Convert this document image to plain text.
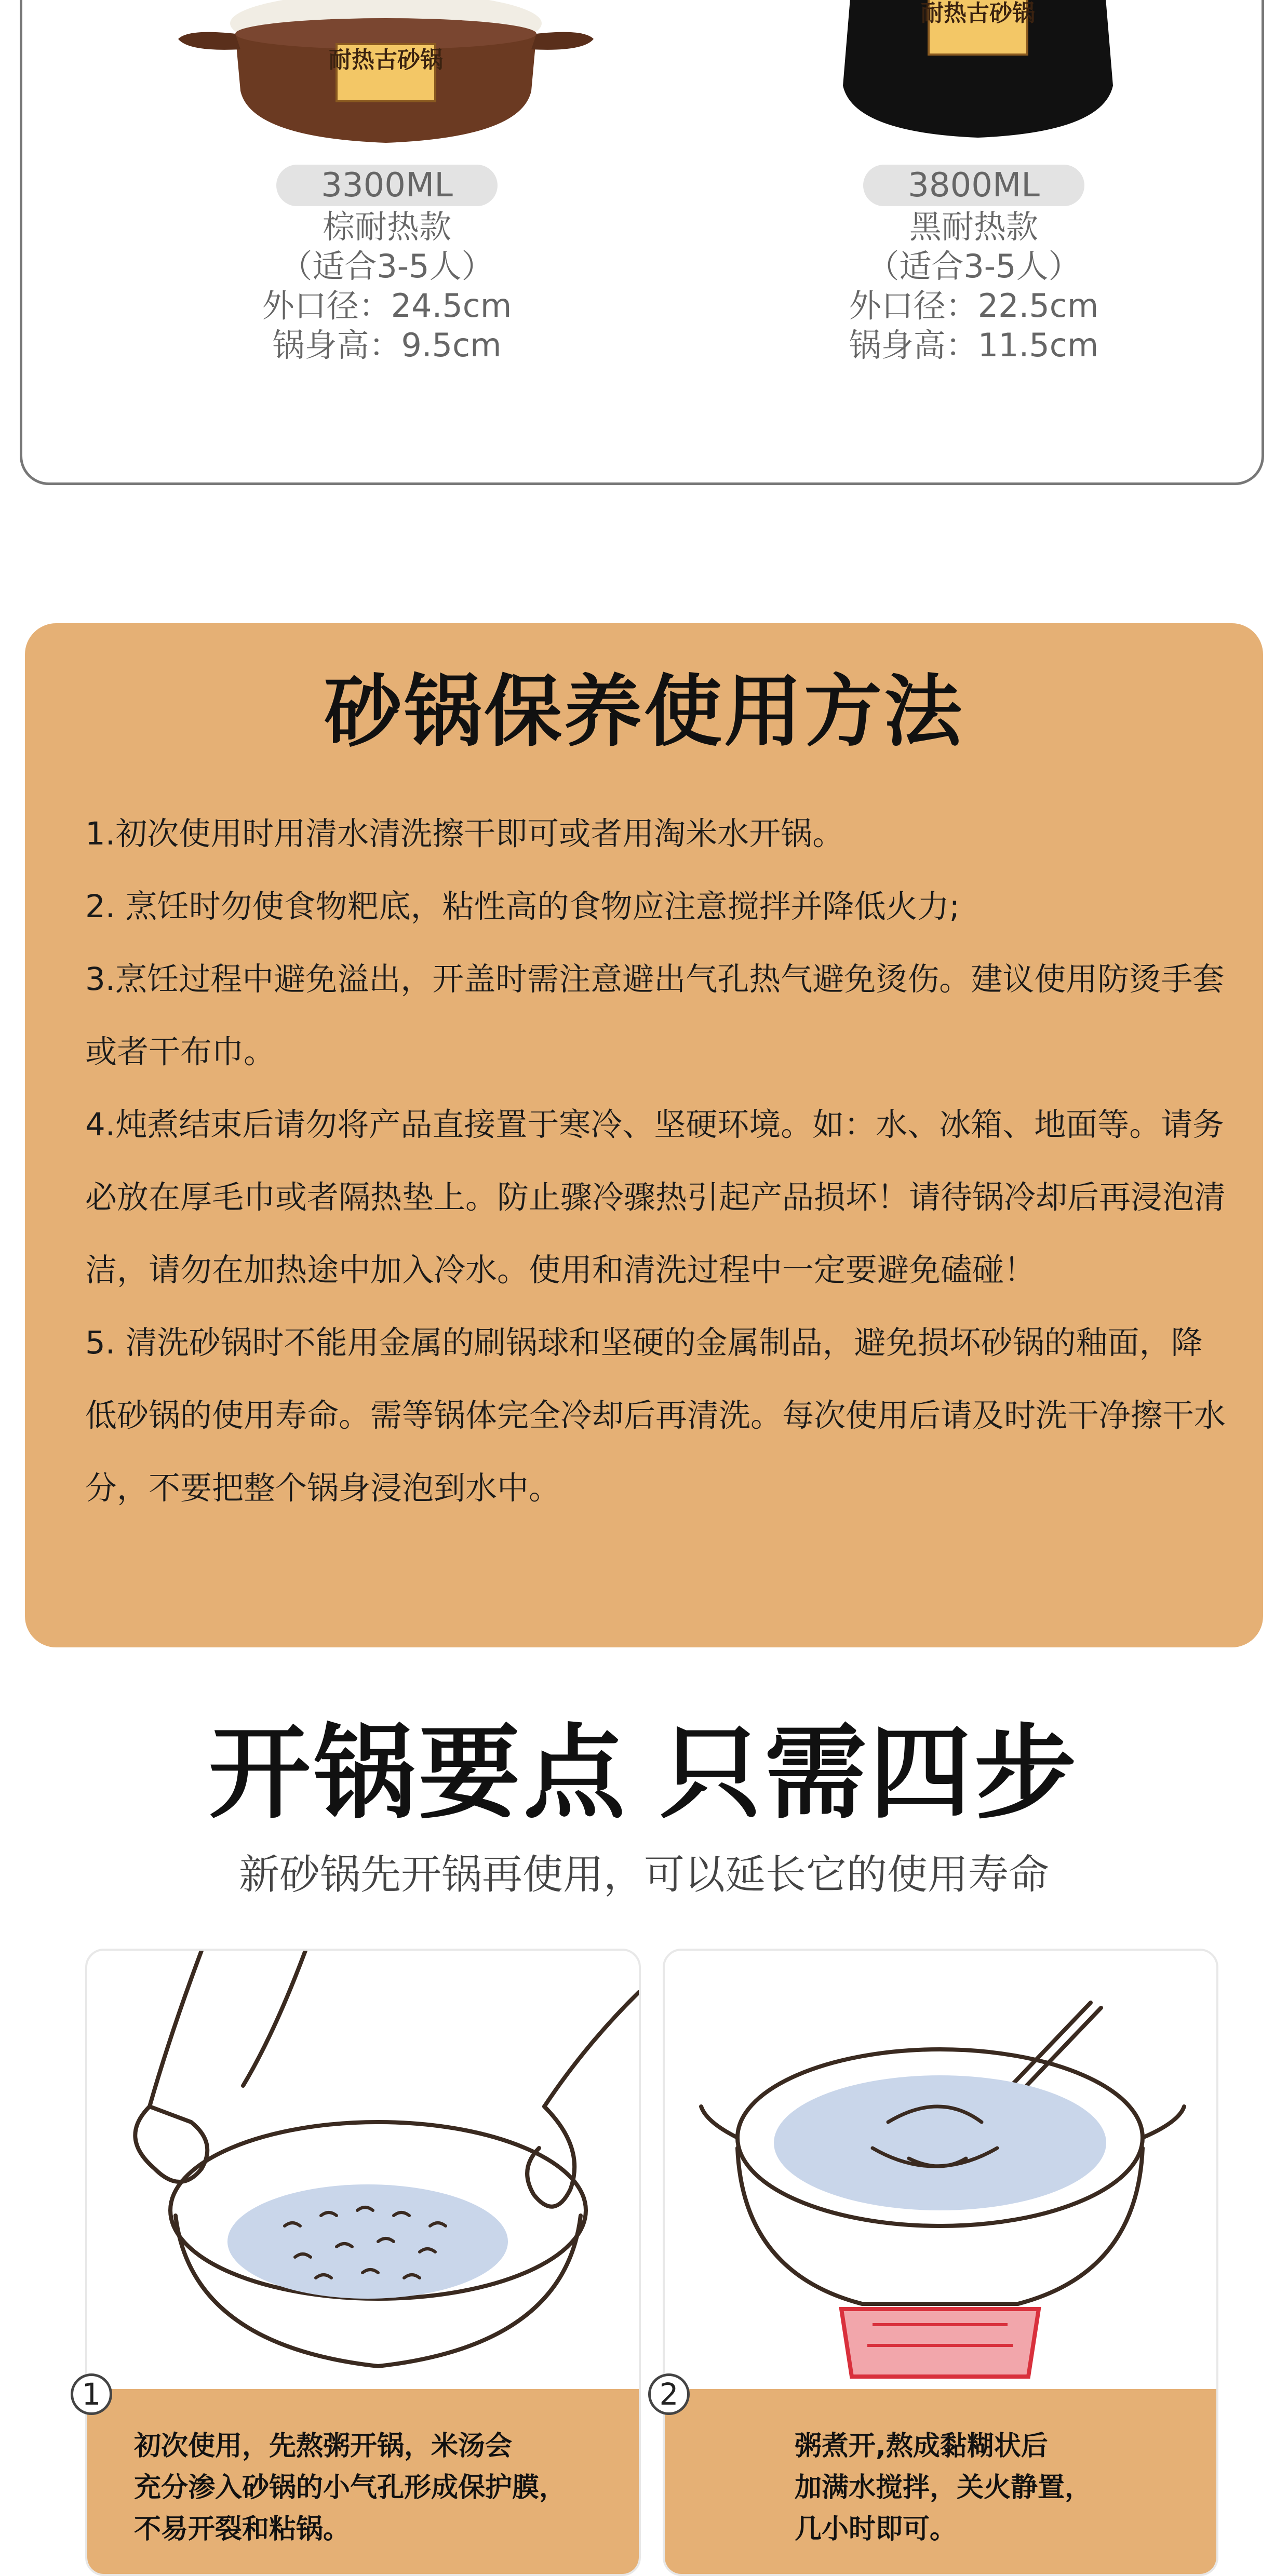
耐热古砂锅
耐热古砂锅
3300ML
棕耐热款
（适合3-5人）
外口径：24.5cm
锅身高：9.5cm
3800ML
黑耐热款
（适合3-5人）
外口径：22.5cm
锅身高：11.5cm
砂锅保养使用方法

1.初次使用时用清水清洗擦干即可或者用淘米水开锅。

2. 烹饪时勿使食物粑底，粘性高的食物应注意搅拌并降低火力;

3.烹饪过程中避免溢出，开盖时需注意避出气孔热气避免烫伤。建议使用防烫手套或者干布巾。

4.炖煮结束后请勿将产品直接置于寒冷、坚硬环境。如：水、冰箱、地面等。请务必放在厚毛巾或者隔热垫上。防止骤冷骤热引起产品损坏！请待锅冷却后再浸泡清洁，请勿在加热途中加入冷水。使用和清洗过程中一定要避免磕碰！

5. 清洗砂锅时不能用金属的刷锅球和坚硬的金属制品，避免损坏砂锅的釉面，降低砂锅的使用寿命。需等锅体完全冷却后再清洗。每次使用后请及时洗干净擦干水分，不要把整个锅身浸泡到水中。

开锅要点 只需四步
新砂锅先开锅再使用，可以延长它的使用寿命
初次使用，先熬粥开锅，米汤会
充分渗入砂锅的小气孔形成保护膜，
不易开裂和粘锅。
粥煮开,熬成黏糊状后
加满水搅拌，关火静置，
几小时即可。
1	2
